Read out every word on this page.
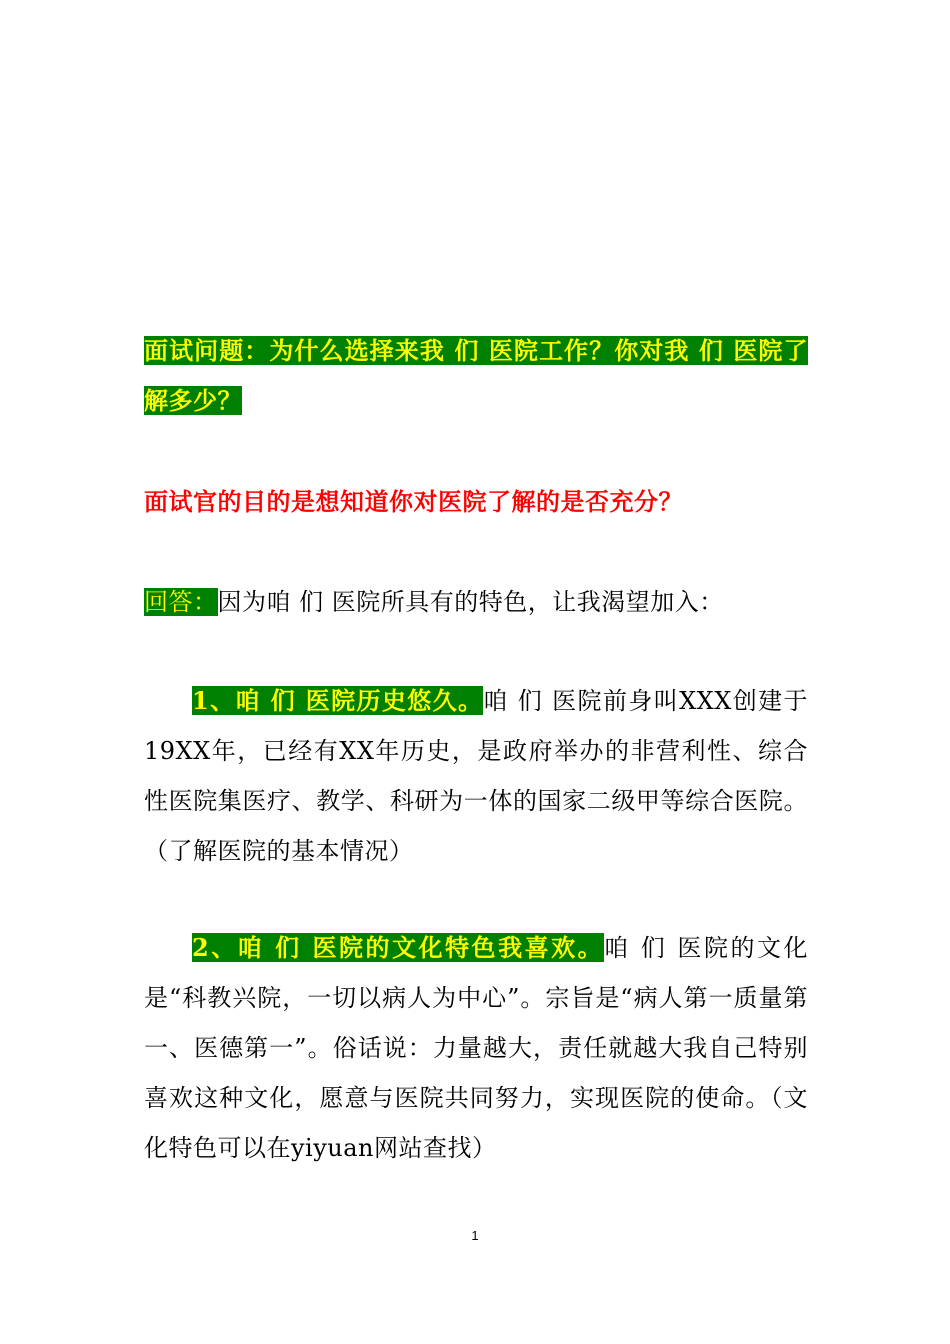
面试问题：为什么选择来我 们 医院工作？你对我 们 医院了解多少？
面试官的目的是想知道你对医院了解的是否充分？
回答：因为咱 们 医院所具有的特色，让我渴望加入：
1、咱 们 医院历史悠久。咱 们 医院前身叫XXX创建于19XX年，已经有XX年历史，是政府举办的非营利性、综合性医院集医疗、教学、科研为一体的国家二级甲等综合医院。（了解医院的基本情况）
2、咱 们 医院的文化特色我喜欢。咱 们 医院的文化是“科教兴院，一切以病人为中心”。宗旨是“病人第一质量第一、医德第一”。俗话说：力量越大，责任就越大我自己特别喜欢这种文化，愿意与医院共同努力，实现医院的使命。（文化特色可以在yiyuan网站查找）
1
